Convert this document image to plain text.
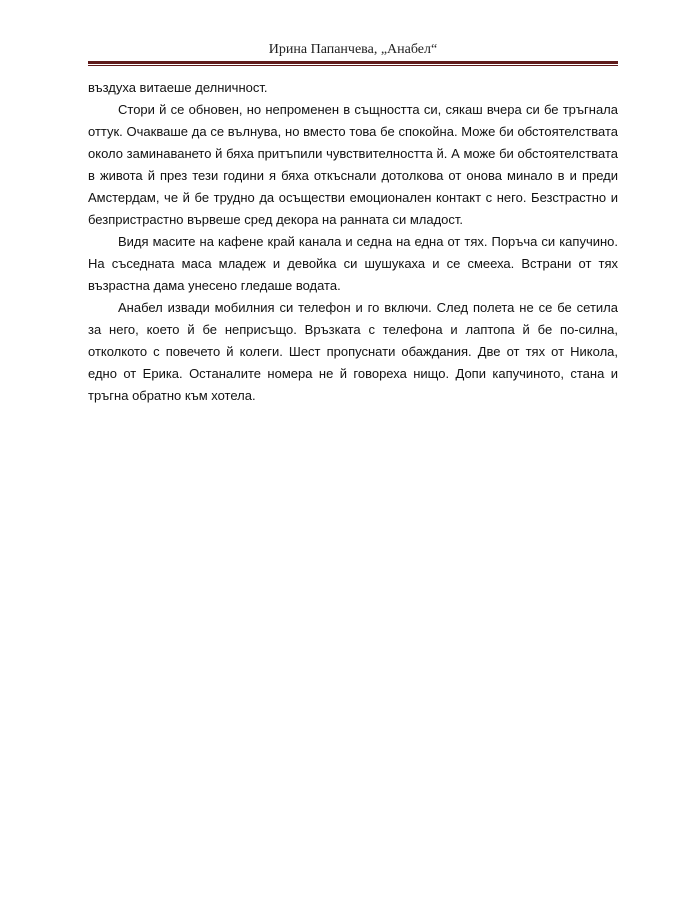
Ирина Папанчева, „Анабел“

въздуха витаеше делничност.

Стори й се обновен, но непроменен в същността си, сякаш вчера си бе тръгнала оттук. Очакваше да се вълнува, но вместо това бе спокойна. Може би обстоятелствата около заминаването й бяха притъпили чувствителността й. А може би обстоятелствата в живота й през тези години я бяха откъснали дотолкова от онова минало в и преди Амстердам, че й бе трудно да осъществи емоционален контакт с него. Безстрастно и безпристрастно вървеше сред декора на ранната си младост.

Видя масите на кафене край канала и седна на една от тях. Поръча си капучино. На съседната маса младеж и девойка си шушукаха и се смееха. Встрани от тях възрастна дама унесено гледаше водата.

Анабел извади мобилния си телефон и го включи. След полета не се бе сетила за него, което й бе неприсъщо. Връзката с телефона и лаптопа й бе по-силна, отколкото с повечето й колеги. Шест пропуснати обаждания. Две от тях от Никола, едно от Ерика. Останалите номера не й говореха нищо. Допи капучиното, стана и тръгна обратно към хотела.
